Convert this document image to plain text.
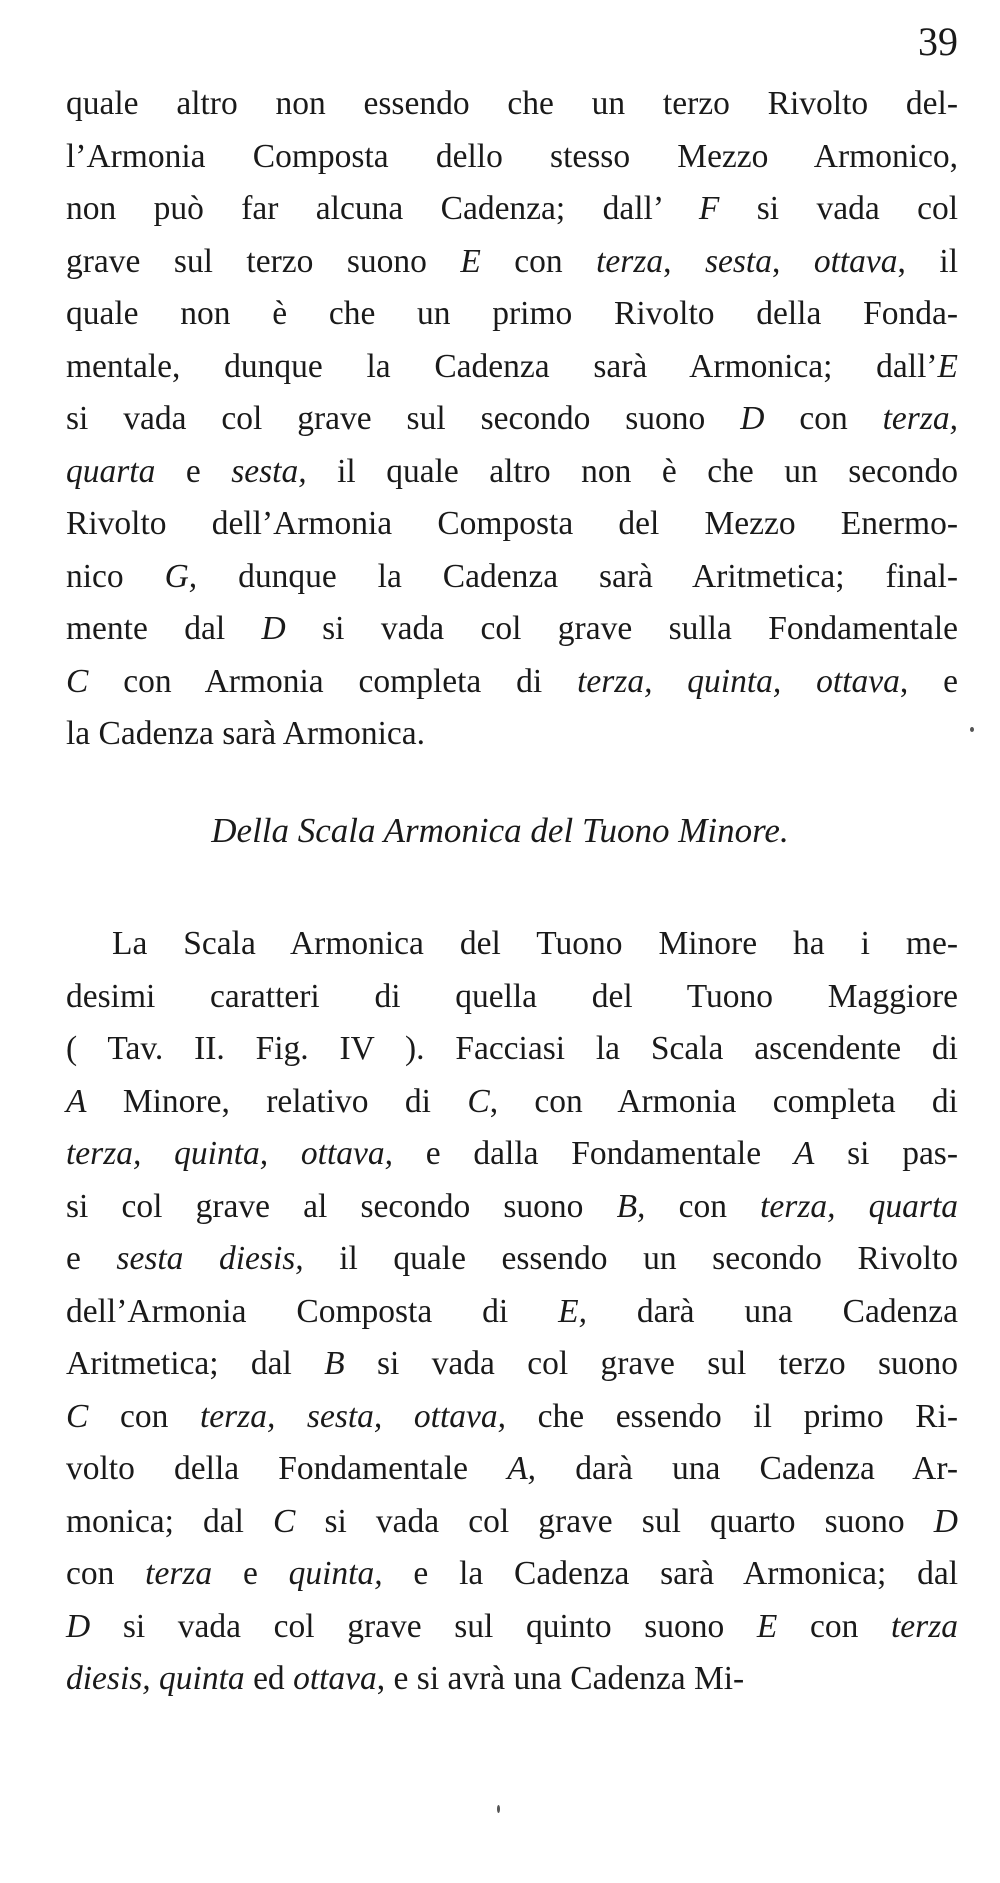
39
quale altro non essendo che un terzo Rivolto del-
l’Armonia Composta dello stesso Mezzo Armonico,
non può far alcuna Cadenza; dall’ F si vada col
grave sul terzo suono E con terza, sesta, ottava, il
quale non è che un primo Rivolto della Fonda-
mentale, dunque la Cadenza sarà Armonica; dall’E
si vada col grave sul secondo suono D con terza,
quarta e sesta, il quale altro non è che un secondo
Rivolto dell’Armonia Composta del Mezzo Enermo-
nico G, dunque la Cadenza sarà Aritmetica; final-
mente dal D si vada col grave sulla Fondamentale
C con Armonia completa di terza, quinta, ottava, e
la Cadenza sarà Armonica.
Della Scala Armonica del Tuono Minore.
La Scala Armonica del Tuono Minore ha i me-
desimi caratteri di quella del Tuono Maggiore
( Tav. II. Fig. IV ). Facciasi la Scala ascendente di
A Minore, relativo di C, con Armonia completa di
terza, quinta, ottava, e dalla Fondamentale A si pas-
si col grave al secondo suono B, con terza, quarta
e sesta diesis, il quale essendo un secondo Rivolto
dell’Armonia Composta di E, darà una Cadenza
Aritmetica; dal B si vada col grave sul terzo suono
C con terza, sesta, ottava, che essendo il primo Ri-
volto della Fondamentale A, darà una Cadenza Ar-
monica; dal C si vada col grave sul quarto suono D
con terza e quinta, e la Cadenza sarà Armonica; dal
D si vada col grave sul quinto suono E con terza
diesis, quinta ed ottava, e si avrà una Cadenza Mi-
